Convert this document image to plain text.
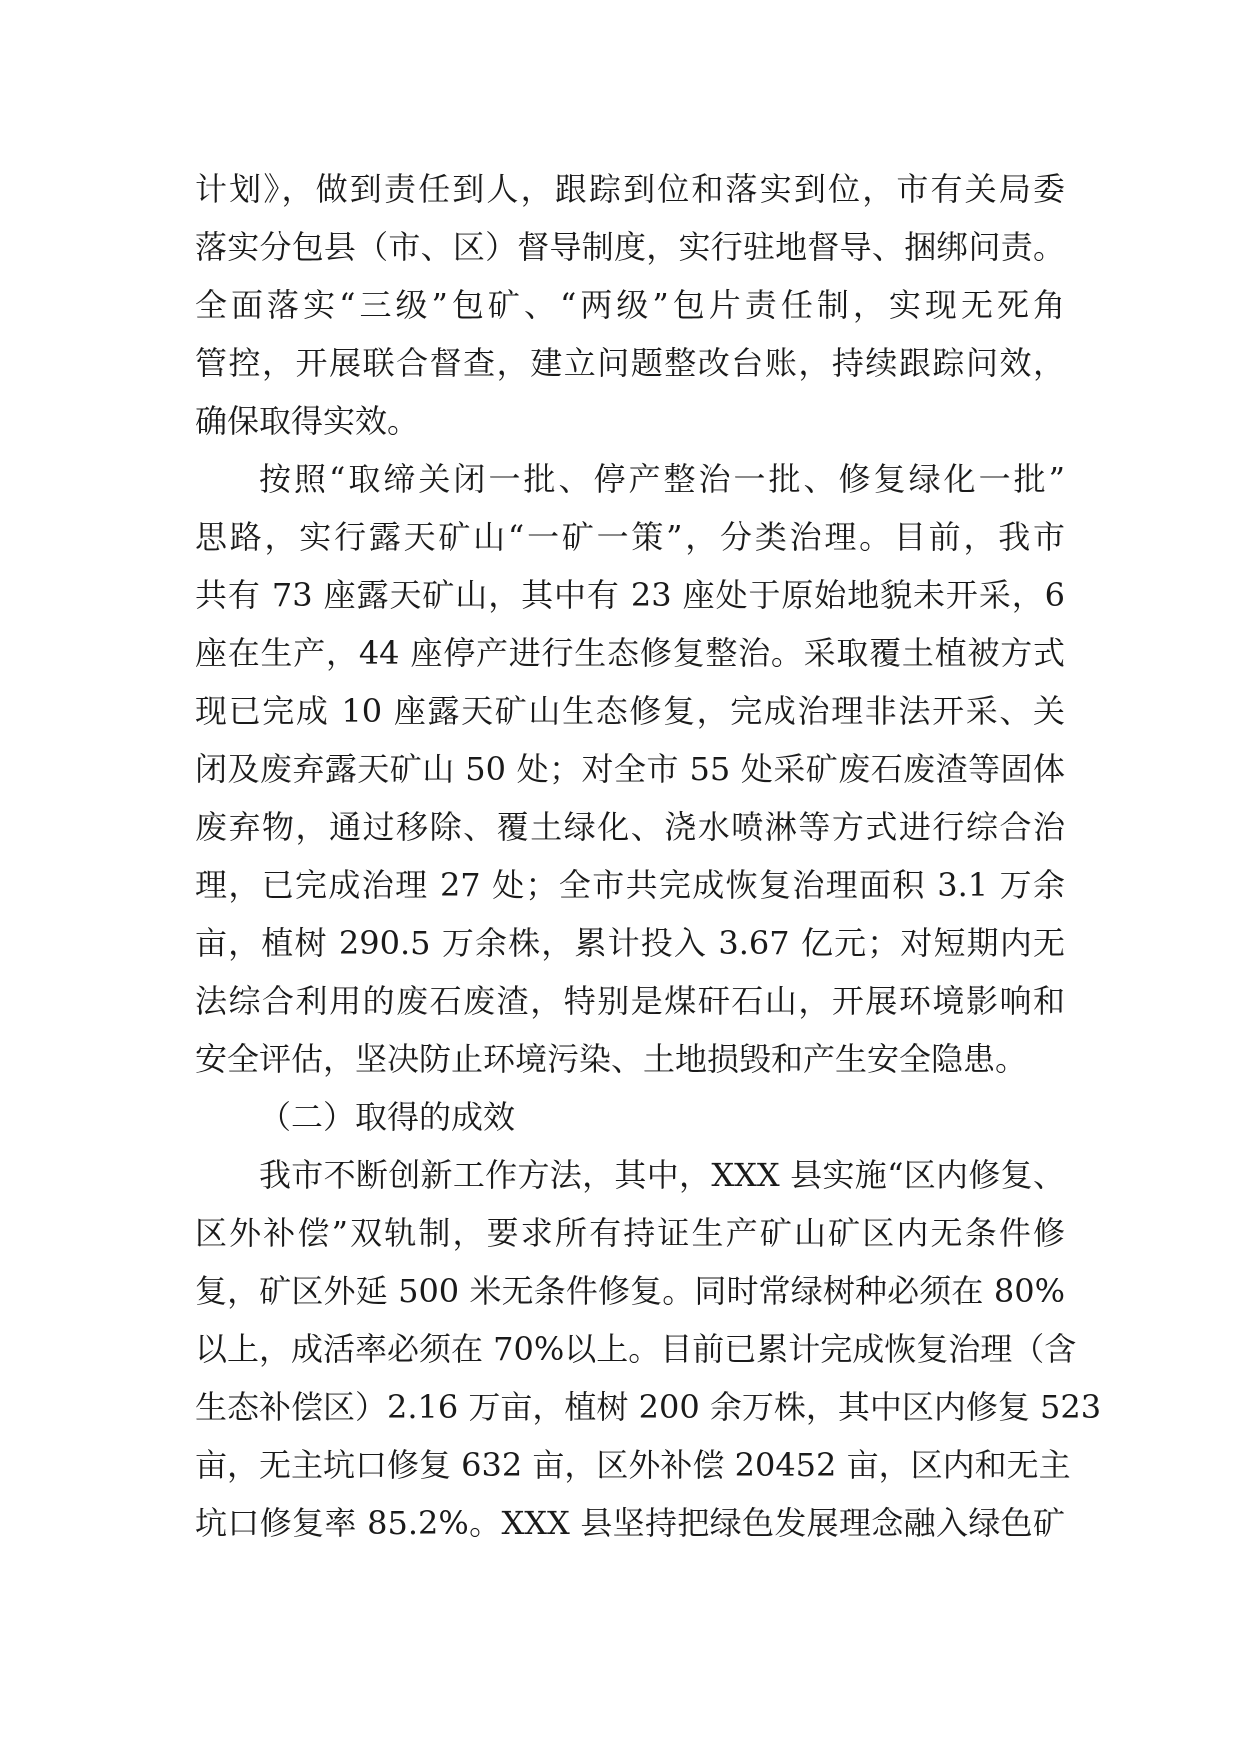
计划》，做到责任到人，跟踪到位和落实到位，市有关局委
落实分包县（市、区）督导制度，实行驻地督导、捆绑问责。
全面落实“三级”包矿、“两级”包片责任制，实现无死角
管控，开展联合督查，建立问题整改台账，持续跟踪问效，
确保取得实效。
按照“取缔关闭一批、停产整治一批、修复绿化一批”
思路，实行露天矿山“一矿一策”，分类治理。目前，我市
共有 73 座露天矿山，其中有 23 座处于原始地貌未开采，6
座在生产，44 座停产进行生态修复整治。采取覆土植被方式
现已完成 10 座露天矿山生态修复，完成治理非法开采、关
闭及废弃露天矿山 50 处；对全市 55 处采矿废石废渣等固体
废弃物，通过移除、覆土绿化、浇水喷淋等方式进行综合治
理，已完成治理 27 处；全市共完成恢复治理面积 3.1 万余
亩，植树 290.5 万余株，累计投入 3.67 亿元；对短期内无
法综合利用的废石废渣，特别是煤矸石山，开展环境影响和
安全评估，坚决防止环境污染、土地损毁和产生安全隐患。
（二）取得的成效
我市不断创新工作方法，其中，XXX 县实施“区内修复、
区外补偿”双轨制，要求所有持证生产矿山矿区内无条件修
复，矿区外延 500 米无条件修复。同时常绿树种必须在 80%
以上，成活率必须在 70%以上。目前已累计完成恢复治理（含
生态补偿区）2.16 万亩，植树 200 余万株，其中区内修复 523
亩，无主坑口修复 632 亩，区外补偿 20452 亩，区内和无主
坑口修复率 85.2%。XXX 县坚持把绿色发展理念融入绿色矿
